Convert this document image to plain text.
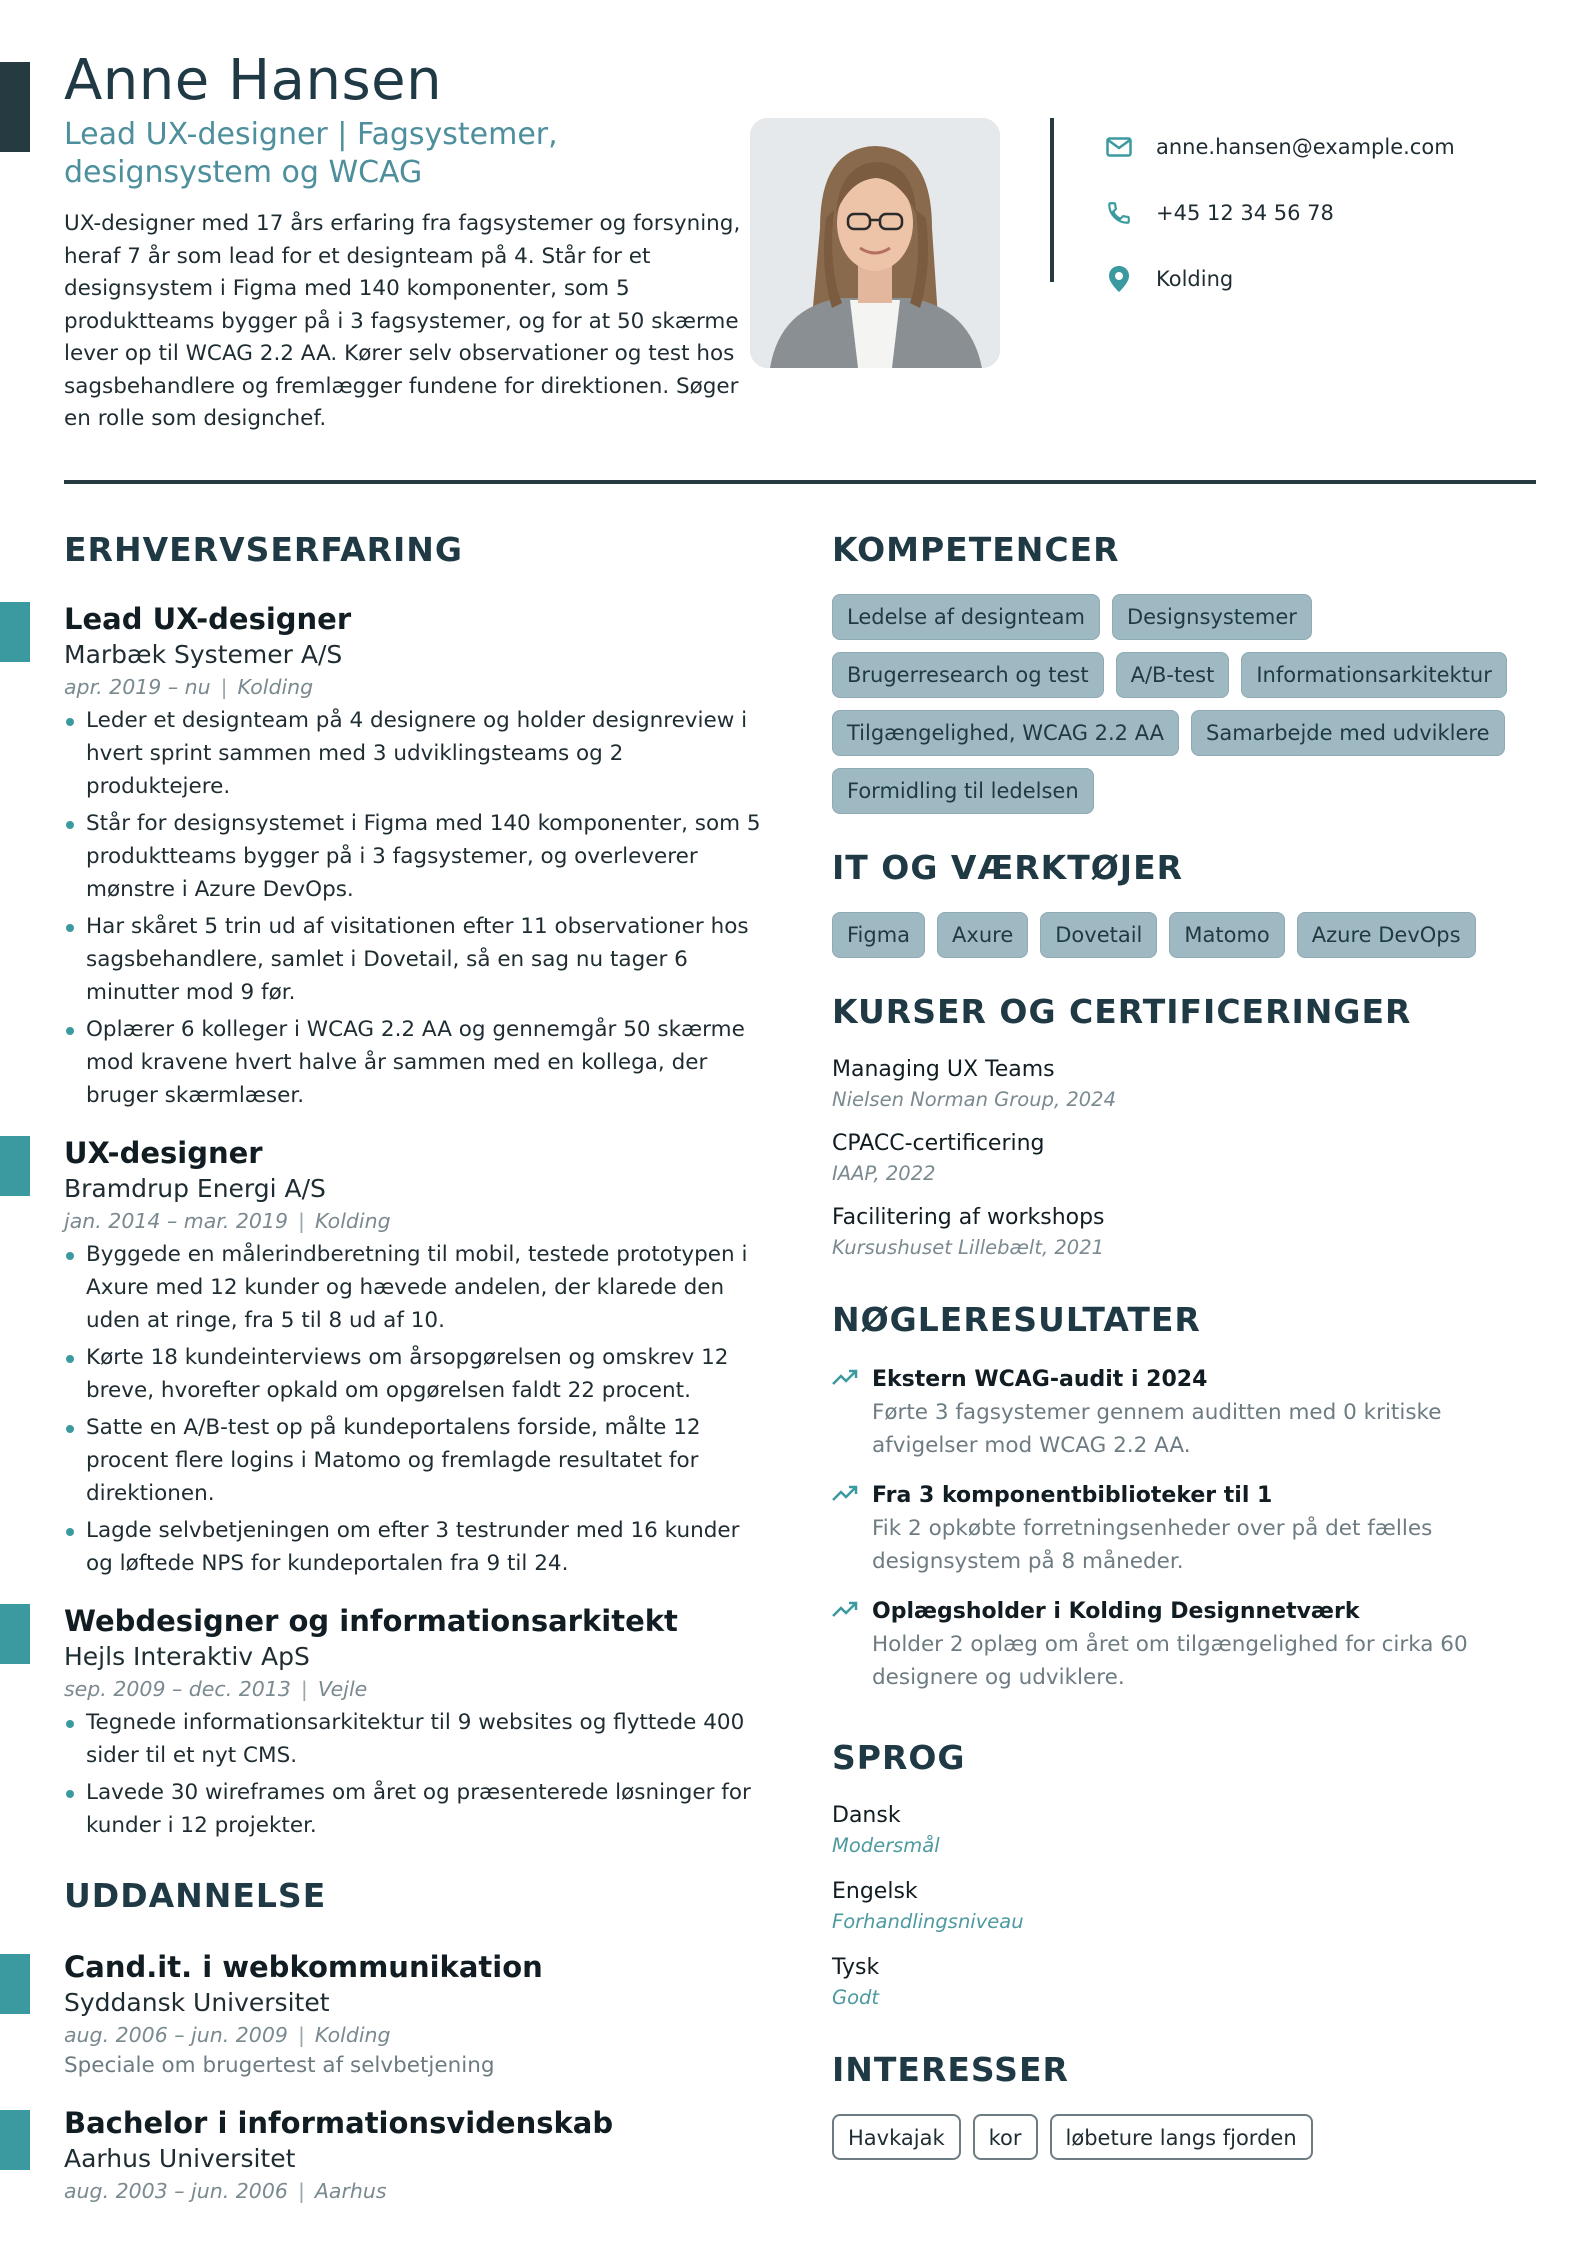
Anne Hansen
Lead UX-designer | Fagsystemer, designsystem og WCAG

UX-designer med 17 års erfaring fra fagsystemer og forsyning, heraf 7 år som lead for et designteam på 4. Står for et designsystem i Figma med 140 komponenter, som 5 produktteams bygger på i 3 fagsystemer, og for at 50 skærme lever op til WCAG 2.2 AA. Kører selv observationer og test hos sagsbehandlere og fremlægger fundene for direktionen. Søger en rolle som designchef.

anne.hansen@example.com
+45 12 34 56 78
Kolding
ERHVERVSERFARING
Lead UX-designer
Marbæk Systemer A/S
apr. 2019 – nu | Kolding
Leder et designteam på 4 designere og holder designreview i hvert sprint sammen med 3 udviklingsteams og 2 produktejere.
Står for designsystemet i Figma med 140 komponenter, som 5 produktteams bygger på i 3 fagsystemer, og overleverer mønstre i Azure DevOps.
Har skåret 5 trin ud af visitationen efter 11 observationer hos sagsbehandlere, samlet i Dovetail, så en sag nu tager 6 minutter mod 9 før.
Oplærer 6 kolleger i WCAG 2.2 AA og gennemgår 50 skærme mod kravene hvert halve år sammen med en kollega, der bruger skærmlæser.
UX-designer
Bramdrup Energi A/S
jan. 2014 – mar. 2019 | Kolding
Byggede en målerindberetning til mobil, testede prototypen i Axure med 12 kunder og hævede andelen, der klarede den uden at ringe, fra 5 til 8 ud af 10.
Kørte 18 kundeinterviews om årsopgørelsen og omskrev 12 breve, hvorefter opkald om opgørelsen faldt 22 procent.
Satte en A/B-test op på kundeportalens forside, målte 12 procent flere logins i Matomo og fremlagde resultatet for direktionen.
Lagde selvbetjeningen om efter 3 testrunder med 16 kunder og løftede NPS for kundeportalen fra 9 til 24.
Webdesigner og informationsarkitekt
Hejls Interaktiv ApS
sep. 2009 – dec. 2013 | Vejle
Tegnede informationsarkitektur til 9 websites og flyttede 400 sider til et nyt CMS.
Lavede 30 wireframes om året og præsenterede løsninger for kunder i 12 projekter.
UDDANNELSE
Cand.it. i webkommunikation
Syddansk Universitet
aug. 2006 – jun. 2009 | Kolding
Speciale om brugertest af selvbetjening
Bachelor i informationsvidenskab
Aarhus Universitet
aug. 2003 – jun. 2006 | Aarhus
KOMPETENCER
Ledelse af designteam	Designsystemer
Brugerresearch og test	A/B-test	Informationsarkitektur
Tilgængelighed, WCAG 2.2 AA	Samarbejde med udviklere
Formidling til ledelsen
IT OG VÆRKTØJER
Figma	Axure	Dovetail	Matomo	Azure DevOps
KURSER OG CERTIFICERINGER
Managing UX Teams
Nielsen Norman Group, 2024
CPACC-certificering
IAAP, 2022
Facilitering af workshops
Kursushuset Lillebælt, 2021
NØGLERESULTATER
Ekstern WCAG-audit i 2024
Førte 3 fagsystemer gennem auditten med 0 kritiske afvigelser mod WCAG 2.2 AA.
Fra 3 komponentbiblioteker til 1
Fik 2 opkøbte forretningsenheder over på det fælles designsystem på 8 måneder.
Oplægsholder i Kolding Designnetværk
Holder 2 oplæg om året om tilgængelighed for cirka 60 designere og udviklere.
SPROG
Dansk
Modersmål
Engelsk
Forhandlingsniveau
Tysk
Godt
INTERESSER
Havkajak	kor	løbeture langs fjorden
